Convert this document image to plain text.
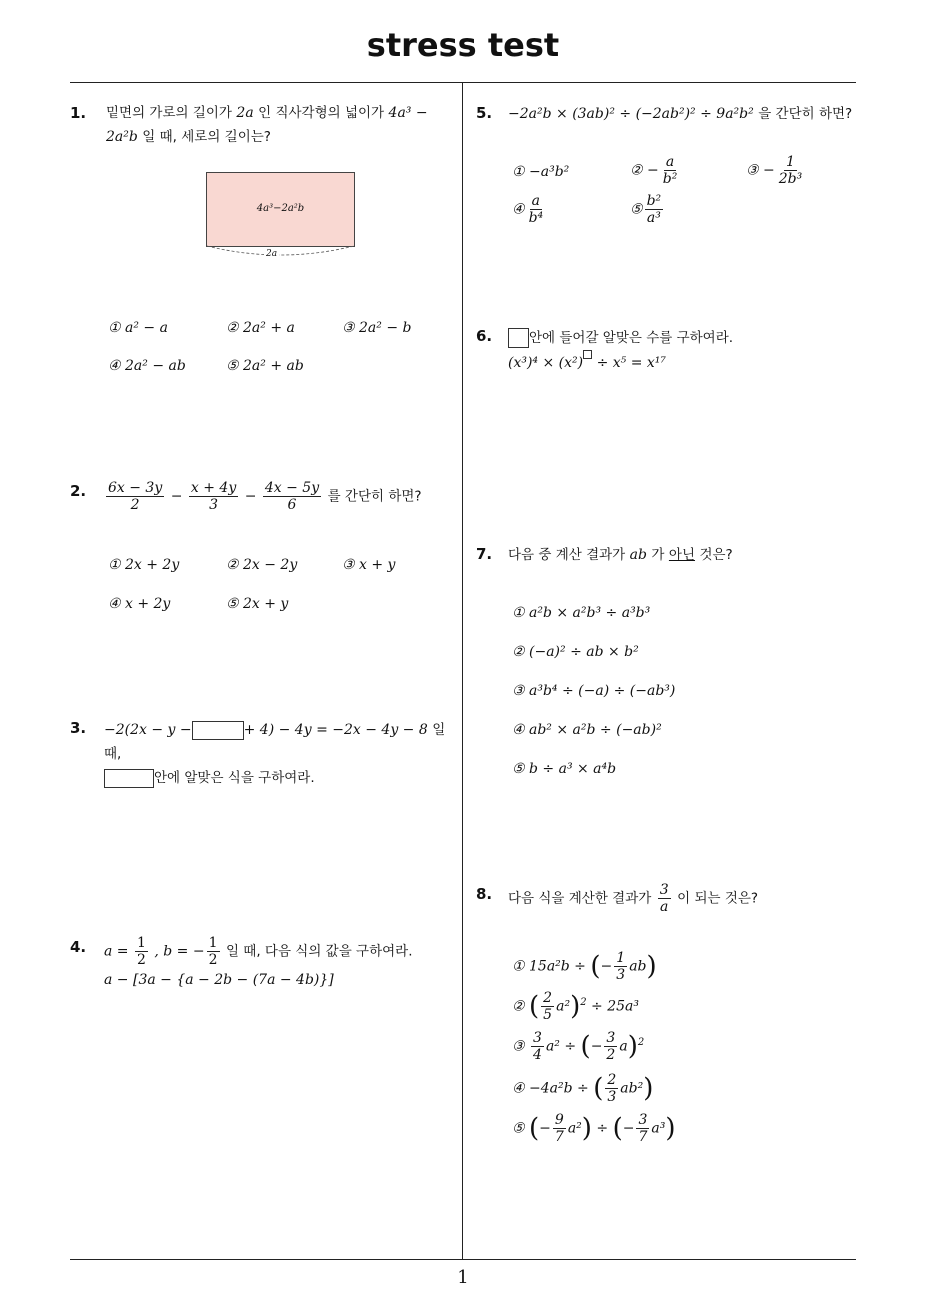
stress test
1
1. 밑면의 가로의 길이가 2a 인 직사각형의 넓이가 4a³ −
2a²b 일 때, 세로의 길이는?
4a³−2a²b
2a
① a² − a	② 2a² + a	③ 2a² − b
④ 2a² − ab	⑤ 2a² + ab
2. $\frac{6x - 3y}{2} - \frac{x + 4y}{3} - \frac{4x - 5y}{6}$ 를 간단히 하면?
① 2x + 2y	② 2x − 2y	③ x + y
④ x + 2y	⑤ 2x + y
3. −2(2x − y −	+ 4) − 4y = −2x − 4y − 8 일 때,
안에 알맞은 식을 구하여라.
4. $a = \frac{1}{2}$ , b = − $\frac{1}{2}$ 일 때, 다음 식의 값을 구하여라.
a − [3a − {a − 2b − (7a − 4b)}]
5. −2a²b × (3ab)² ÷ (−2ab²)² ÷ 9a²b² 을 간단히 하면?
① −a³b²	② − $\frac{a}{\text{b²}}$	③ − $\frac{1}{\text{2b³}}$
④ $\frac{a}{\text{b⁴}}$	⑤ $\frac{\text{b²}}{\text{a³}}$
6.	안에 들어갈 알맞은 수를 구하여라.
(x³)⁴ × (x²) ÷ x⁵ = x¹⁷
7. 다음 중 계산 결과가 ab 가 아닌 것은?
① a²b × a²b³ ÷ a³b³
② (−a)² ÷ ab × b²
③ a³b⁴ ÷ (−a) ÷ (−ab³)
④ ab² × a²b ÷ (−ab)²
⑤ b ÷ a³ × a⁴b
8. 다음 식을 계산한 결과가 $\frac{3}{a}$ 이 되는 것은?
① 15a²b ÷ (− $\frac{1}{3} ab$)
② ( $\frac{2}{5} a^2)^2 \div 25a^3$
③ $\frac{3}{4} a^2$ ÷ (− $\frac{3}{2} a)^2$
④ −4a²b ÷ ( $\frac{2}{3} ab^2$)
⑤ (− $\frac{9}{7} a^2$) ÷ (− $\frac{3}{7} a^3$)
